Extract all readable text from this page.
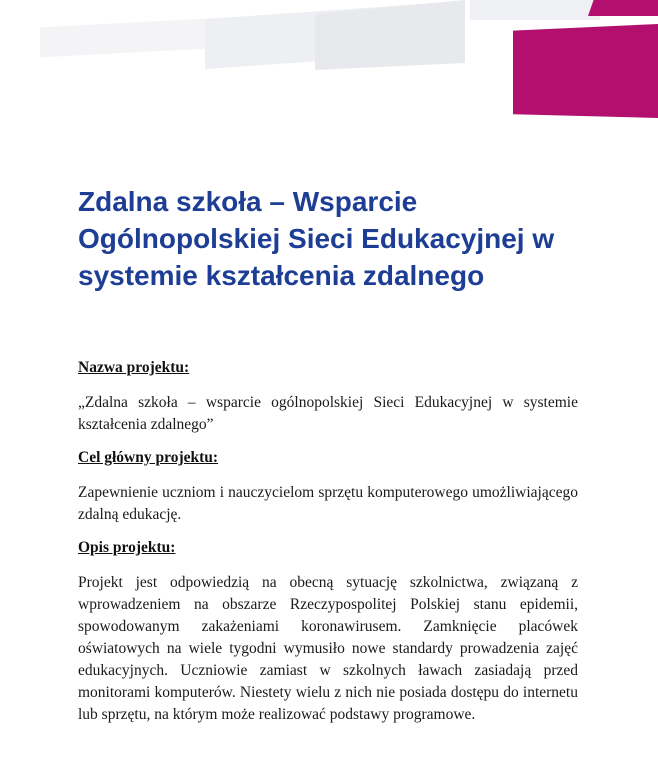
Zdalna szkoła – Wsparcie Ogólnopolskiej Sieci Edukacyjnej w systemie kształcenia zdalnego

Nazwa projektu:

„Zdalna szkoła – wsparcie ogólnopolskiej Sieci Edukacyjnej w systemie kształcenia zdalnego”

Cel główny projektu:

Zapewnienie uczniom i nauczycielom sprzętu komputerowego umożliwiającego zdalną edukację.

Opis projektu:

Projekt jest odpowiedzią na obecną sytuację szkolnictwa, związaną z wprowadzeniem na obszarze Rzeczypospolitej Polskiej stanu epidemii, spowodowanym zakażeniami koronawirusem. Zamknięcie placówek oświatowych na wiele tygodni wymusiło nowe standardy prowadzenia zajęć edukacyjnych. Uczniowie zamiast w szkolnych ławach zasiadają przed monitorami komputerów. Niestety wielu z nich nie posiada dostępu do internetu lub sprzętu, na którym może realizować podstawy programowe.
